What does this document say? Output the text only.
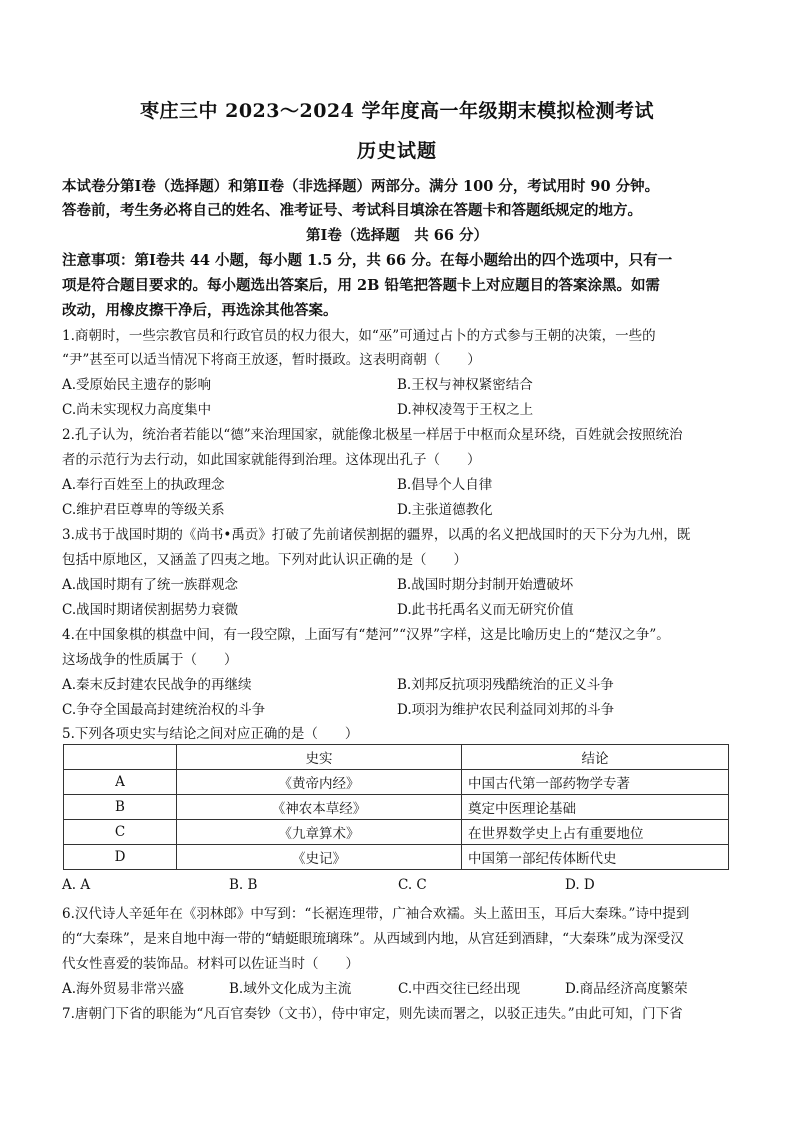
枣庄三中 2023～2024 学年度高一年级期末模拟检测考试
历史试题
本试卷分第Ⅰ卷（选择题）和第Ⅱ卷（非选择题）两部分。满分 100 分，考试用时 90 分钟。
答卷前，考生务必将自己的姓名、准考证号、考试科目填涂在答题卡和答题纸规定的地方。
第Ⅰ卷（选择题　共 66 分）
注意事项：第Ⅰ卷共 44 小题，每小题 1.5 分，共 66 分。在每小题给出的四个选项中，只有一
项是符合题目要求的。每小题选出答案后，用 2B 铅笔把答题卡上对应题目的答案涂黑。如需
改动，用橡皮擦干净后，再选涂其他答案。
1.商朝时，一些宗教官员和行政官员的权力很大，如“巫”可通过占卜的方式参与王朝的决策，一些的
“尹”甚至可以适当情况下将商王放逐，暂时摄政。这表明商朝（　　）
A.受原始民主遗存的影响	B.王权与神权紧密结合
C.尚未实现权力高度集中	D.神权凌驾于王权之上
2.孔子认为，统治者若能以“德”来治理国家，就能像北极星一样居于中枢而众星环绕，百姓就会按照统治
者的示范行为去行动，如此国家就能得到治理。这体现出孔子（　　）
A.奉行百姓至上的执政理念	B.倡导个人自律
C.维护君臣尊卑的等级关系	D.主张道德教化
3.成书于战国时期的《尚书•禹贡》打破了先前诸侯割据的疆界，以禹的名义把战国时的天下分为九州，既
包括中原地区，又涵盖了四夷之地。下列对此认识正确的是（　　）
A.战国时期有了统一族群观念	B.战国时期分封制开始遭破坏
C.战国时期诸侯割据势力衰微	D.此书托禹名义而无研究价值
4.在中国象棋的棋盘中间，有一段空隙，上面写有“楚河”“汉界”字样，这是比喻历史上的“楚汉之争”。
这场战争的性质属于（　　）
A.秦末反封建农民战争的再继续	B.刘邦反抗项羽残酷统治的正义斗争
C.争夺全国最高封建统治权的斗争	D.项羽为维护农民利益同刘邦的斗争
5.下列各项史实与结论之间对应正确的是（　　）
	史实	结论
A	《黄帝内经》	中国古代第一部药物学专著
B	《神农本草经》	奠定中医理论基础
C	《九章算术》	在世界数学史上占有重要地位
D	《史记》	中国第一部纪传体断代史
A. A	B. B	C. C	D. D
6.汉代诗人辛延年在《羽林郎》中写到：“长裾连理带，广袖合欢襦。头上蓝田玉，耳后大秦珠。”诗中提到
的“大秦珠”，是来自地中海一带的“蜻蜓眼琉璃珠”。从西域到内地，从宫廷到酒肆，“大秦珠”成为深受汉
代女性喜爱的装饰品。材料可以佐证当时（　　）
A.海外贸易非常兴盛	B.域外文化成为主流	C.中西交往已经出现	D.商品经济高度繁荣
7.唐朝门下省的职能为“凡百官奏钞（文书），侍中审定，则先读而署之，以驳正违失。”由此可知，门下省
